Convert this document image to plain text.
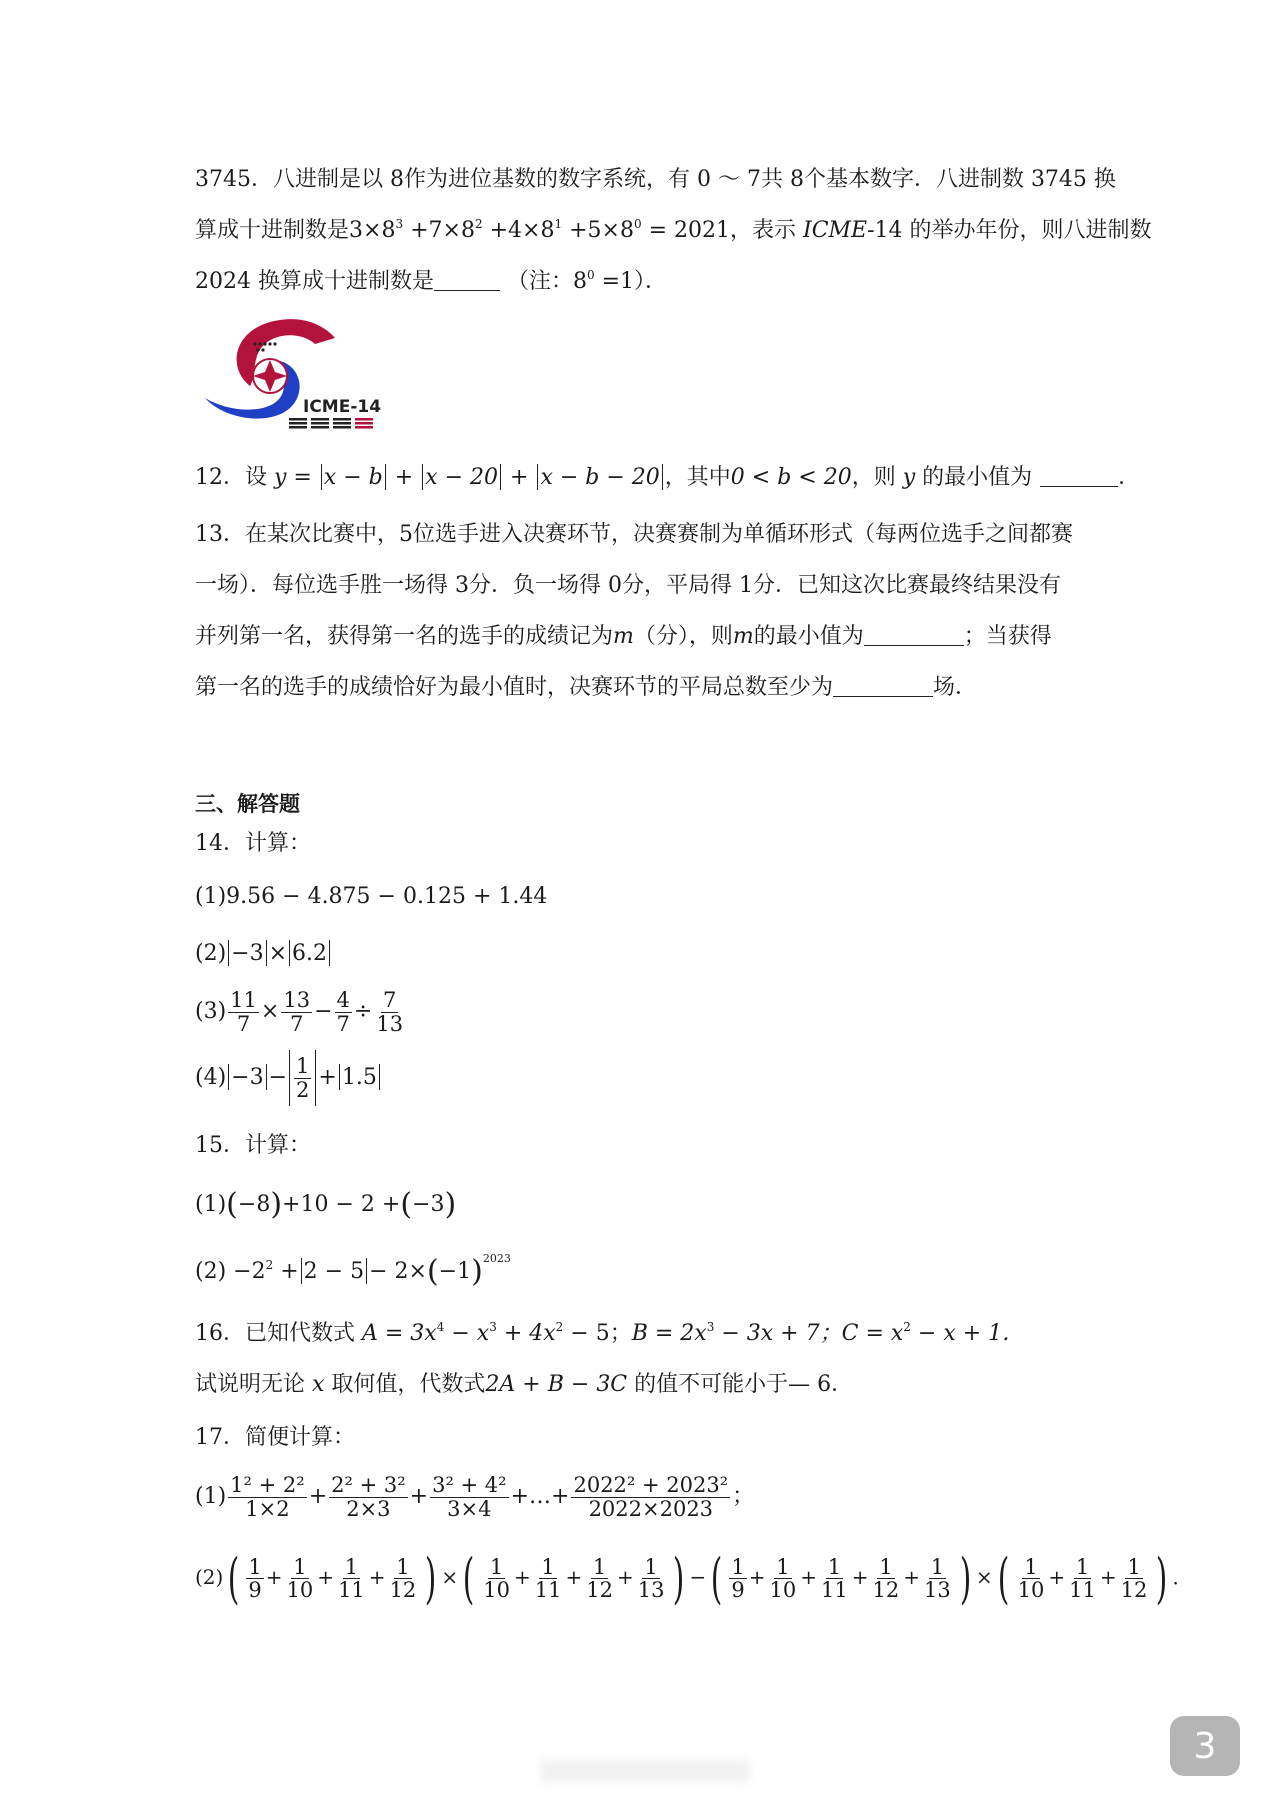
3745．八进制是以 8作为进位基数的数字系统，有 0 ～ 7共 8个基本数字．八进制数 3745 换
算成十进制数是$3\times 8^3 +7\times 8^2 +4\times 8^1 +5\times 8^0 = 2021$，表示 ICME-14 的举办年份，则八进制数
2024 换算成十进制数是	（注：$8^0 =1$）．
ICME-14
12．设 y = x − b + x − 20 + x − b − 20 ，其中0 < b < 20，则 y 的最小值为	．
13．在某次比赛中，5位选手进入决赛环节，决赛赛制为单循环形式（每两位选手之间都赛
一场）．每位选手胜一场得 3分．负一场得 0分，平局得 1分．已知这次比赛最终结果没有
并列第一名，获得第一名的选手的成绩记为m（分），则m的最小值为	；当获得
第一名的选手的成绩恰好为最小值时，决赛环节的平局总数至少为	场．
三、解答题
14．计算：
(1)9.56 − 4.875 − 0.125 + 1.44
(2) −3 × 6.2
$(3) \frac{11}{7} \times \frac{13}{7} - \frac{4}{7} \div \frac{7}{13}$
$(4) -3 - \frac{1}{2} + 1.5$
15．计算：
(1)(−8)+10 − 2 +(−3)
$(2) -2^2 + 2 - 5 - 2\times(-1)^{2023}$
16．已知代数式 $A = 3x^4 - x^3 + 4x^2 - 5$；$B = 2x^3 - 3x + 7$；$C = x^2 - x + 1$．
试说明无论 x 取何值，代数式2A + B − 3C 的值不可能小于— 6．
17．简便计算：
$(1) \frac{\text{1² + 2²}}{1\times 2} + \frac{\text{2² + 3²}}{2\times 3} + \frac{\text{3² + 4²}}{3\times 4}$ +…+ $\frac{\text{2022² + 2023²}}{2022\times 2023}$ ；
$(2)( \frac{1}{9} + \frac{1}{10} + \frac{1}{11} + \frac{1}{12}$ ) ×( $\frac{1}{10} + \frac{1}{11} + \frac{1}{12} + \frac{1}{13}$ ) −( $\frac{1}{9} + \frac{1}{10} + \frac{1}{11} + \frac{1}{12} + \frac{1}{13}$ ) ×( $\frac{1}{10} + \frac{1}{11} + \frac{1}{12}$ ) ．
3
